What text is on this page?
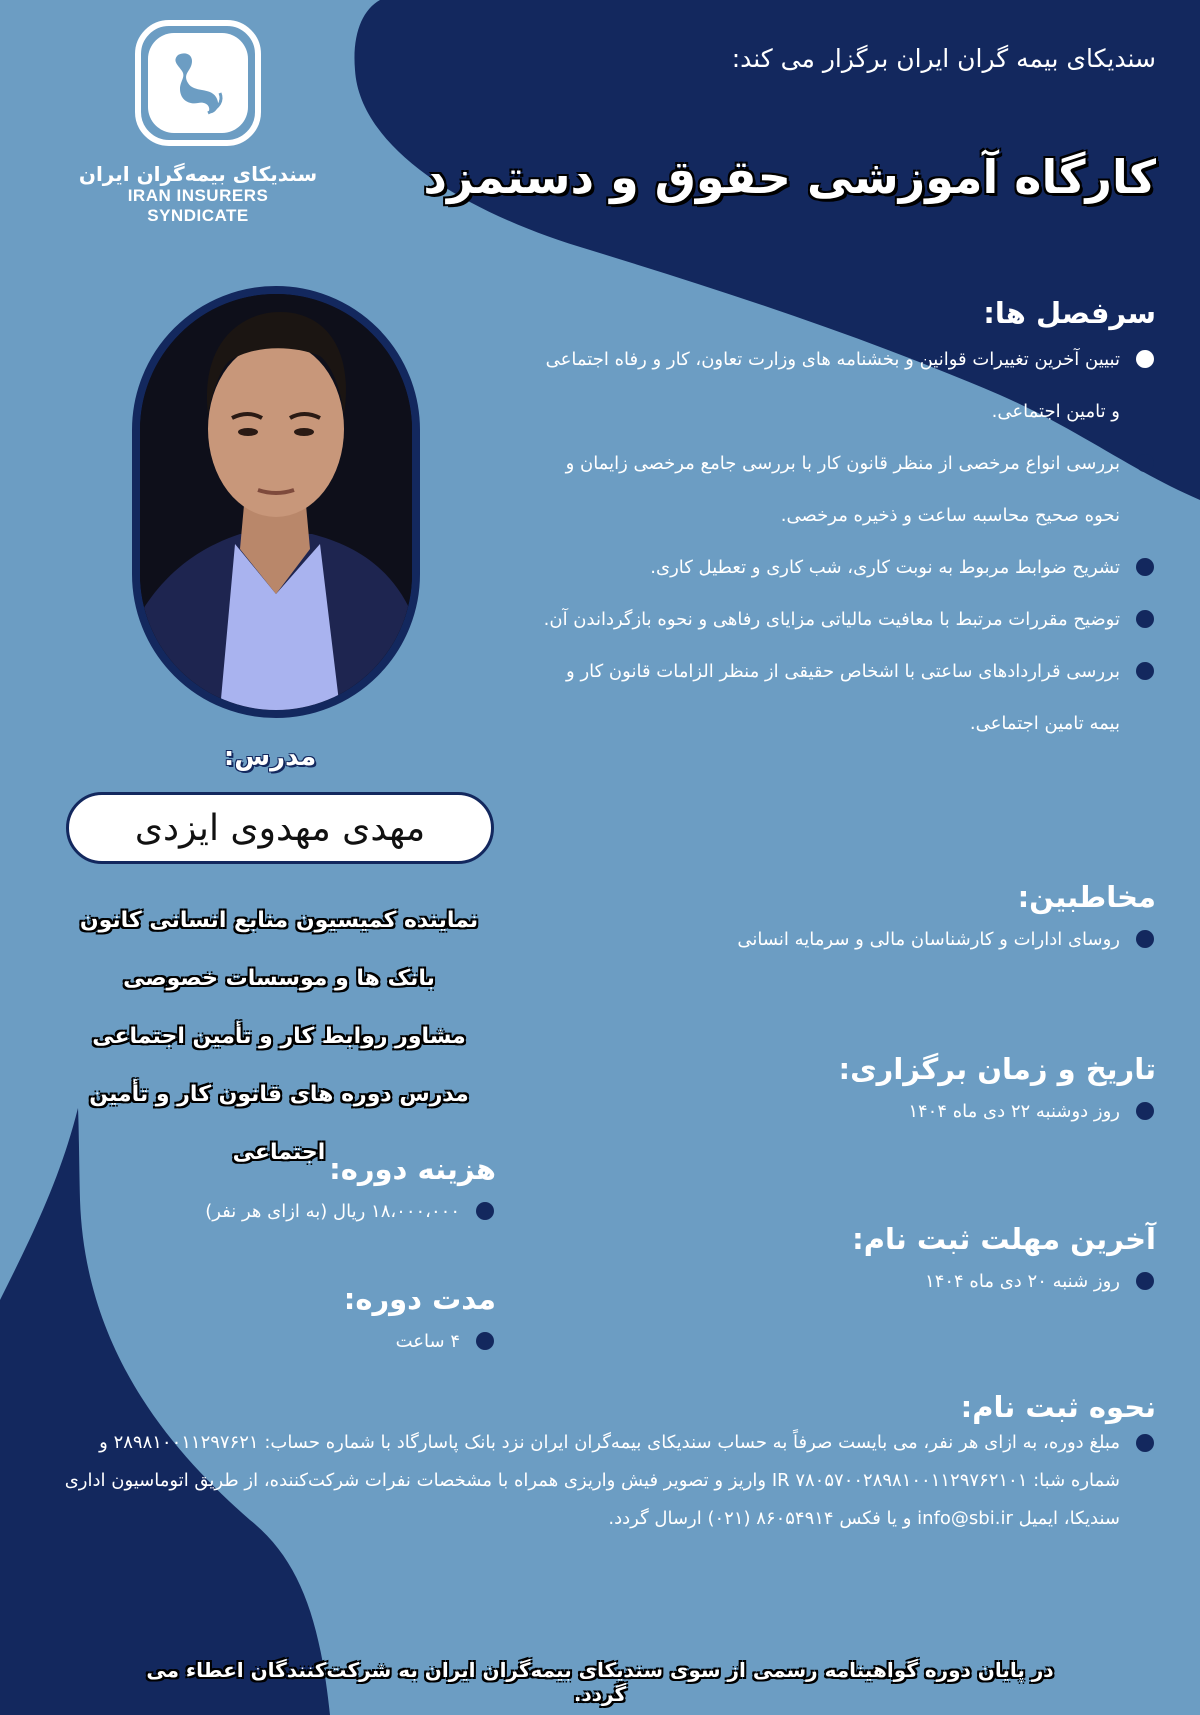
سندیکای بیمه‌گران ایران
IRAN INSURERS SYNDICATE
سندیکای بیمه گران ایران برگزار می کند:
کارگاه آموزشی حقوق و دستمزد
سرفصل ها:
تبیین آخرین تغییرات قوانین و بخشنامه های وزارت تعاون، کار و رفاه اجتماعی و تامین اجتماعی.
بررسی انواع مرخصی از منظر قانون کار با بررسی جامع مرخصی زایمان و نحوه صحیح محاسبه ساعت و ذخیره مرخصی.
تشریح ضوابط مربوط به نوبت کاری، شب کاری و تعطیل کاری.
توضیح مقررات مرتبط با معافیت مالیاتی مزایای رفاهی و نحوه بازگرداندن آن.
بررسی قراردادهای ساعتی با اشخاص حقیقی از منظر الزامات قانون کار و بیمه تامین اجتماعی.
مدرس:
مهدی مهدوی ایزدی
نماینده کمیسیون منابع انسانی کانون
بانک ها و موسسات خصوصی
مشاور روابط کار و تأمین اجتماعی
مدرس دوره های قانون کار و تأمین اجتماعی
مخاطبین:
روسای ادارات و کارشناسان مالی و سرمایه انسانی
تاریخ و زمان برگزاری:
روز دوشنبه ۲۲ دی ماه ۱۴۰۴
آخرین مهلت ثبت نام:
روز شنبه ۲۰ دی ماه ۱۴۰۴
هزینه دوره:
۱۸،۰۰۰،۰۰۰ ریال (به ازای هر نفر)
مدت دوره:
۴ ساعت
نحوه ثبت نام:
مبلغ دوره، به ازای هر نفر، می بایست صرفاً به حساب سندیکای بیمه‌گران ایران نزد بانک پاسارگاد با شماره حساب: ۲۸۹۸۱۰۰۱۱۲۹۷۶۲۱ و شماره شبا: IR ۷۸۰۵۷۰۰۲۸۹۸۱۰۰۱۱۲۹۷۶۲۱۰۱ واریز و تصویر فیش واریزی همراه با مشخصات نفرات شرکت‌کننده، از طریق اتوماسیون اداری سندیکا، ایمیل info@sbi.ir و یا فکس ۸۶۰۵۴۹۱۴ (۰۲۱) ارسال گردد.
در پایان دوره گواهینامه رسمی از سوی سندیکای بیمه‌گران ایران به شرکت‌کنندگان اعطاء می گردد.
